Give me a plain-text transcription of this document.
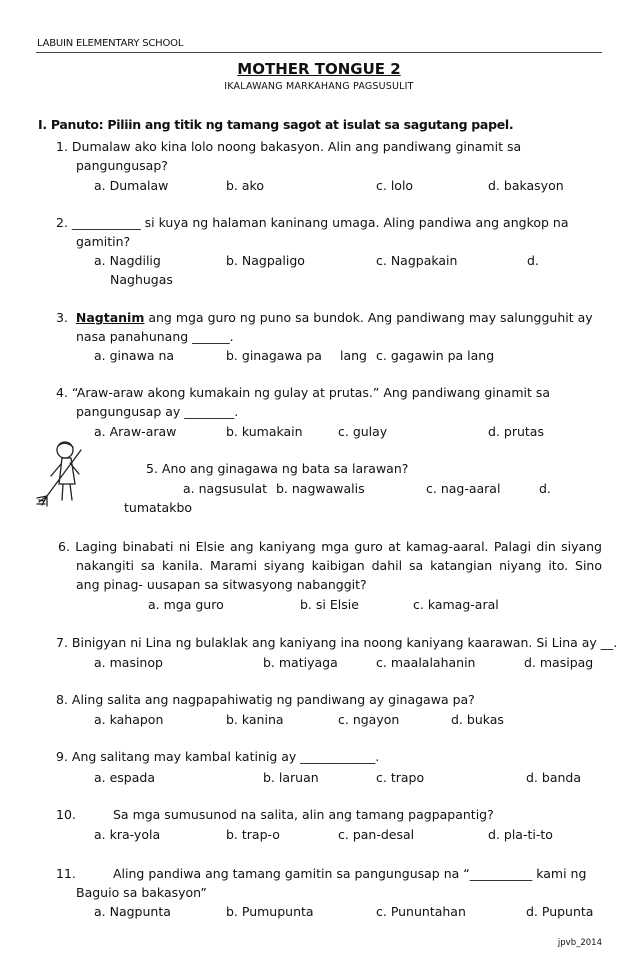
LABUIN ELEMENTARY SCHOOL
MOTHER TONGUE 2
IKALAWANG MARKAHANG PAGSUSULIT
I. Panuto: Piliin ang titik ng tamang sagot at isulat sa sagutang papel.
1. Dumalaw ako kina lolo noong bakasyon. Alin ang pandiwang ginamit sa
pangungusap?
a. Dumalaw	b. ako	c. lolo	d. bakasyon
2. ___________ si kuya ng halaman kaninang umaga. Aling pandiwa ang angkop na
gamitin?
a. Nagdilig	b. Nagpaligo	c. Nagpakain	d.
Naghugas
3. Nagtanim ang mga guro ng puno sa bundok. Ang pandiwang may salungguhit ay
nasa panahunang ______.
a. ginawa na	b. ginagawa pa lang c. gagawin pa lang
4. “Araw-araw akong kumakain ng gulay at prutas.” Ang pandiwang ginamit sa
pangungusap ay ________.
a. Araw-araw	b. kumakain	c. gulay	d. prutas
5. Ano ang ginagawa ng bata sa larawan?
a. nagsusulat b. nagwawalis	c. nag-aaral	d.
tumatakbo
6. Laging binabati ni Elsie ang kaniyang mga guro at kamag-aaral. Palagi din siyang
nakangiti sa kanila. Marami siyang kaibigan dahil sa katangian niyang ito. Sino
ang pinag- uusapan sa sitwasyong nabanggit?
a. mga guro	b. si Elsie	c. kamag-aral
7. Binigyan ni Lina ng bulaklak ang kaniyang ina noong kaniyang kaarawan. Si Lina ay __.
a. masinop	b. matiyaga	c. maalalahanin	d. masipag
8. Aling salita ang nagpapahiwatig ng pandiwang ay ginagawa pa?
a. kahapon	b. kanina	c. ngayon	d. bukas
9. Ang salitang may kambal katinig ay ____________.
a. espada	b. laruan	c. trapo	d. banda
10.	Sa mga sumusunod na salita, alin ang tamang pagpapantig?
a. kra-yola	b. trap-o	c. pan-desal	d. pla-ti-to
11.	Aling pandiwa ang tamang gamitin sa pangungusap na “__________ kami ng
Baguio sa bakasyon”
a. Nagpunta	b. Pumupunta	c. Pununtahan	d. Pupunta
jpvb_2014
